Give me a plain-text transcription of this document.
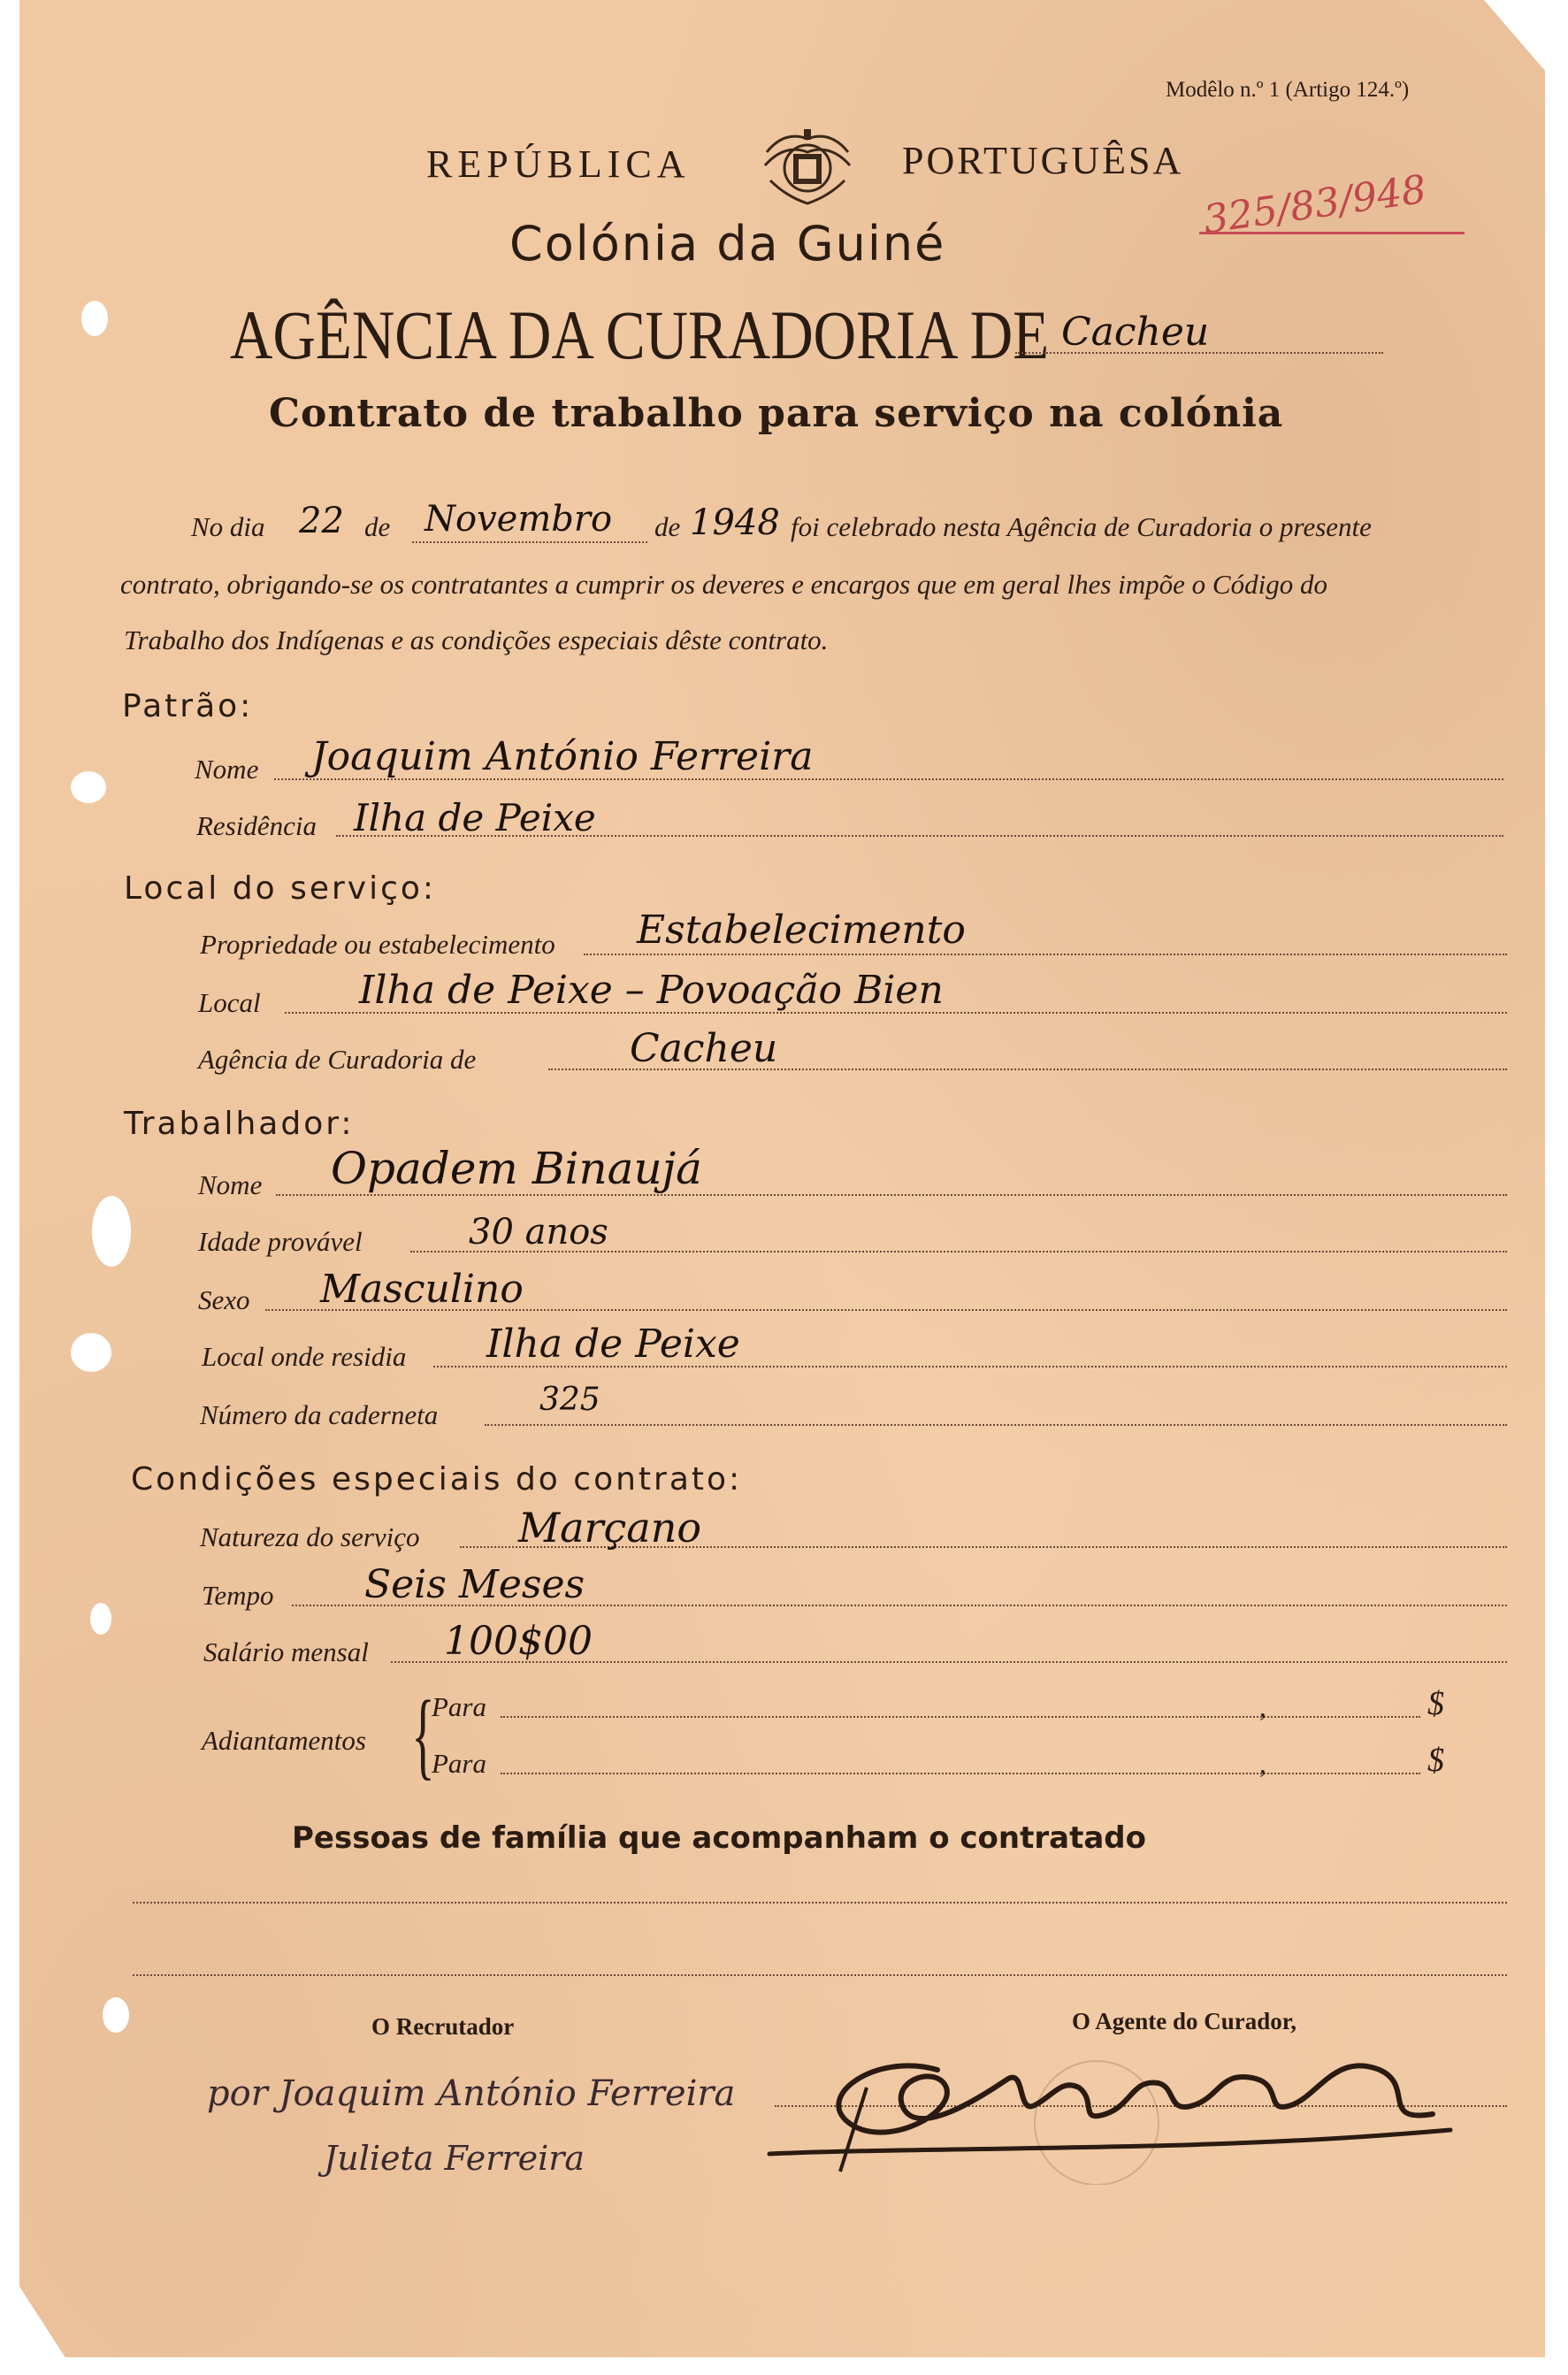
Modêlo n.º 1 (Artigo 124.º)
REPÚBLICA	PORTUGUÊSA
325/83/948
Colónia da Guiné
AGÊNCIA DA CURADORIA DE Cacheu
Contrato de trabalho para serviço na colónia
No dia 22 de Novembro de 1948 foi celebrado nesta Agência de Curadoria o presente
contrato, obrigando-se os contratantes a cumprir os deveres e encargos que em geral lhes impõe o Código do
Trabalho dos Indígenas e as condições especiais dêste contrato.
Patrão:
Nome Joaquim António Ferreira
Residência Ilha de Peixe
Local do serviço:
Propriedade ou estabelecimento Estabelecimento
Local	Ilha de Peixe – Povoação Bien
Agência de Curadoria de	Cacheu
Trabalhador:
Nome Opadem Binaujá
Idade provável	30 anos
Sexo Masculino
Local onde residia Ilha de Peixe
Número da caderneta	325
Condições especiais do contrato:
Natureza do serviço Marçano
Tempo Seis Meses
Salário mensal 100$00
Adiantamentos {
Para	,	$
Para	,	$
Pessoas de família que acompanham o contratado
O Recrutador	O Agente do Curador,
por Joaquim António Ferreira
Julieta Ferreira
